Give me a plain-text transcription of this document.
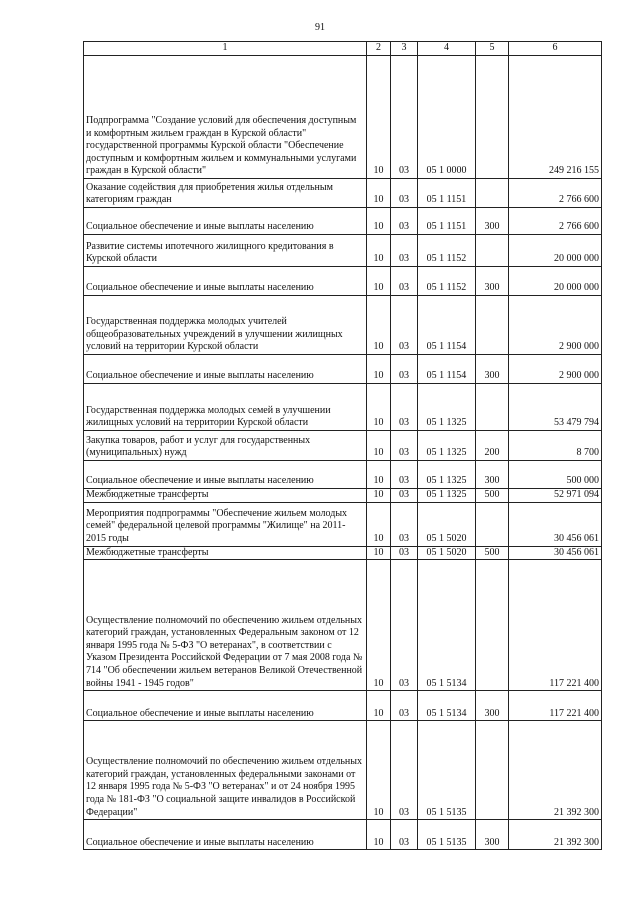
91
1	2	3	4	5	6
Подпрограмма "Создание условий для обеспечения доступным и комфортным жильем граждан в Курской области" государственной программы Курской области "Обеспечение доступным и комфортным жильем и коммунальными услугами граждан в Курской области"	10	03	05 1 0000		249 216 155
Оказание содействия для приобретения жилья отдельным категориям граждан	10	03	05 1 1151		2 766 600
Социальное обеспечение и иные выплаты населению	10	03	05 1 1151	300	2 766 600
Развитие системы ипотечного жилищного кредитования в Курской области	10	03	05 1 1152		20 000 000
Социальное обеспечение и иные выплаты населению	10	03	05 1 1152	300	20 000 000
Государственная поддержка молодых учителей общеобразовательных учреждений в улучшении жилищных условий на территории Курской области	10	03	05 1 1154		2 900 000
Социальное обеспечение и иные выплаты населению	10	03	05 1 1154	300	2 900 000
Государственная поддержка молодых семей в улучшении жилищных условий на территории Курской области	10	03	05 1 1325		53 479 794
Закупка товаров, работ и услуг для государственных (муниципальных) нужд	10	03	05 1 1325	200	8 700
Социальное обеспечение и иные выплаты населению	10	03	05 1 1325	300	500 000
Межбюджетные трансферты	10	03	05 1 1325	500	52 971 094
Мероприятия подпрограммы "Обеспечение жильем молодых семей" федеральной целевой программы "Жилище" на 2011-2015 годы	10	03	05 1 5020		30 456 061
Межбюджетные трансферты	10	03	05 1 5020	500	30 456 061
Осуществление полномочий по обеспечению жильем отдельных категорий граждан, установленных Федеральным законом от 12 января 1995 года № 5-ФЗ "О ветеранах", в соответствии с Указом Президента Российской Федерации от 7 мая 2008 года № 714 "Об обеспечении жильем ветеранов Великой Отечественной войны 1941 - 1945 годов"	10	03	05 1 5134		117 221 400
Социальное обеспечение и иные выплаты населению	10	03	05 1 5134	300	117 221 400
Осуществление полномочий по обеспечению жильем отдельных категорий граждан, установленных федеральными законами от 12 января 1995 года № 5-ФЗ "О ветеранах" и от 24 ноября 1995 года № 181-ФЗ "О социальной защите инвалидов в Российской Федерации"	10	03	05 1 5135		21 392 300
Социальное обеспечение и иные выплаты населению	10	03	05 1 5135	300	21 392 300
